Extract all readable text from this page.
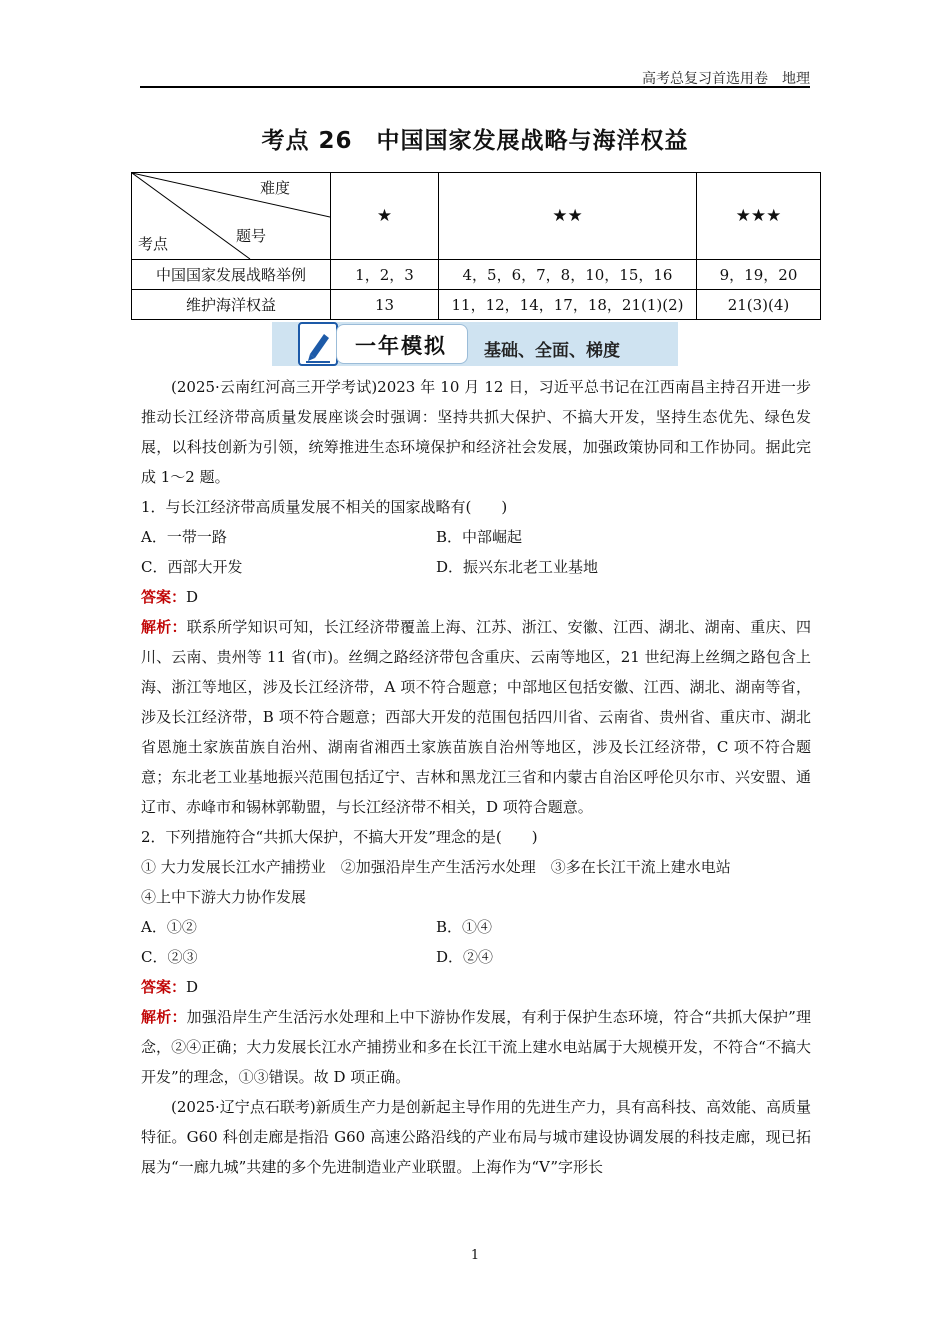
高考总复习首选用卷　地理
考点 26　中国国家发展战略与海洋权益
难度
题号
考点	★	★★	★★★
中国国家发展战略举例	1，2，3	4，5，6，7，8，10，15，16	9，19，20
维护海洋权益	13	11，12，14，17，18，21(1)(2)	21(3)(4)
一年模拟 基础、全面、梯度

(2025·云南红河高三开学考试)2023 年 10 月 12 日，习近平总书记在江西南昌主持召开进一步推动长江经济带高质量发展座谈会时强调：坚持共抓大保护、不搞大开发，坚持生态优先、绿色发展，以科技创新为引领，统筹推进生态环境保护和经济社会发展，加强政策协同和工作协同。据此完成 1～2 题。

1．与长江经济带高质量发展不相关的国家战略有(　　)

A．一带一路	B．中部崛起
C．西部大开发	D．振兴东北老工业基地

答案：D

解析：联系所学知识可知，长江经济带覆盖上海、江苏、浙江、安徽、江西、湖北、湖南、重庆、四川、云南、贵州等 11 省(市)。丝绸之路经济带包含重庆、云南等地区，21 世纪海上丝绸之路包含上海、浙江等地区，涉及长江经济带，A 项不符合题意；中部地区包括安徽、江西、湖北、湖南等省，涉及长江经济带，B 项不符合题意；西部大开发的范围包括四川省、云南省、贵州省、重庆市、湖北省恩施土家族苗族自治州、湖南省湘西土家族苗族自治州等地区，涉及长江经济带，C 项不符合题意；东北老工业基地振兴范围包括辽宁、吉林和黑龙江三省和内蒙古自治区呼伦贝尔市、兴安盟、通辽市、赤峰市和锡林郭勒盟，与长江经济带不相关，D 项符合题意。

2．下列措施符合“共抓大保护，不搞大开发”理念的是(　　)

① 大力发展长江水产捕捞业　②加强沿岸生产生活污水处理　③多在长江干流上建水电站

④上中下游大力协作发展

A．①②	B．①④
C．②③	D．②④

答案：D

解析：加强沿岸生产生活污水处理和上中下游协作发展，有利于保护生态环境，符合“共抓大保护”理念，②④正确；大力发展长江水产捕捞业和多在长江干流上建水电站属于大规模开发，不符合“不搞大开发”的理念，①③错误。故 D 项正确。

(2025·辽宁点石联考)新质生产力是创新起主导作用的先进生产力，具有高科技、高效能、高质量特征。G60 科创走廊是指沿 G60 高速公路沿线的产业布局与城市建设协调发展的科技走廊，现已拓展为“一廊九城”共建的多个先进制造业产业联盟。上海作为“V”字形长

1
